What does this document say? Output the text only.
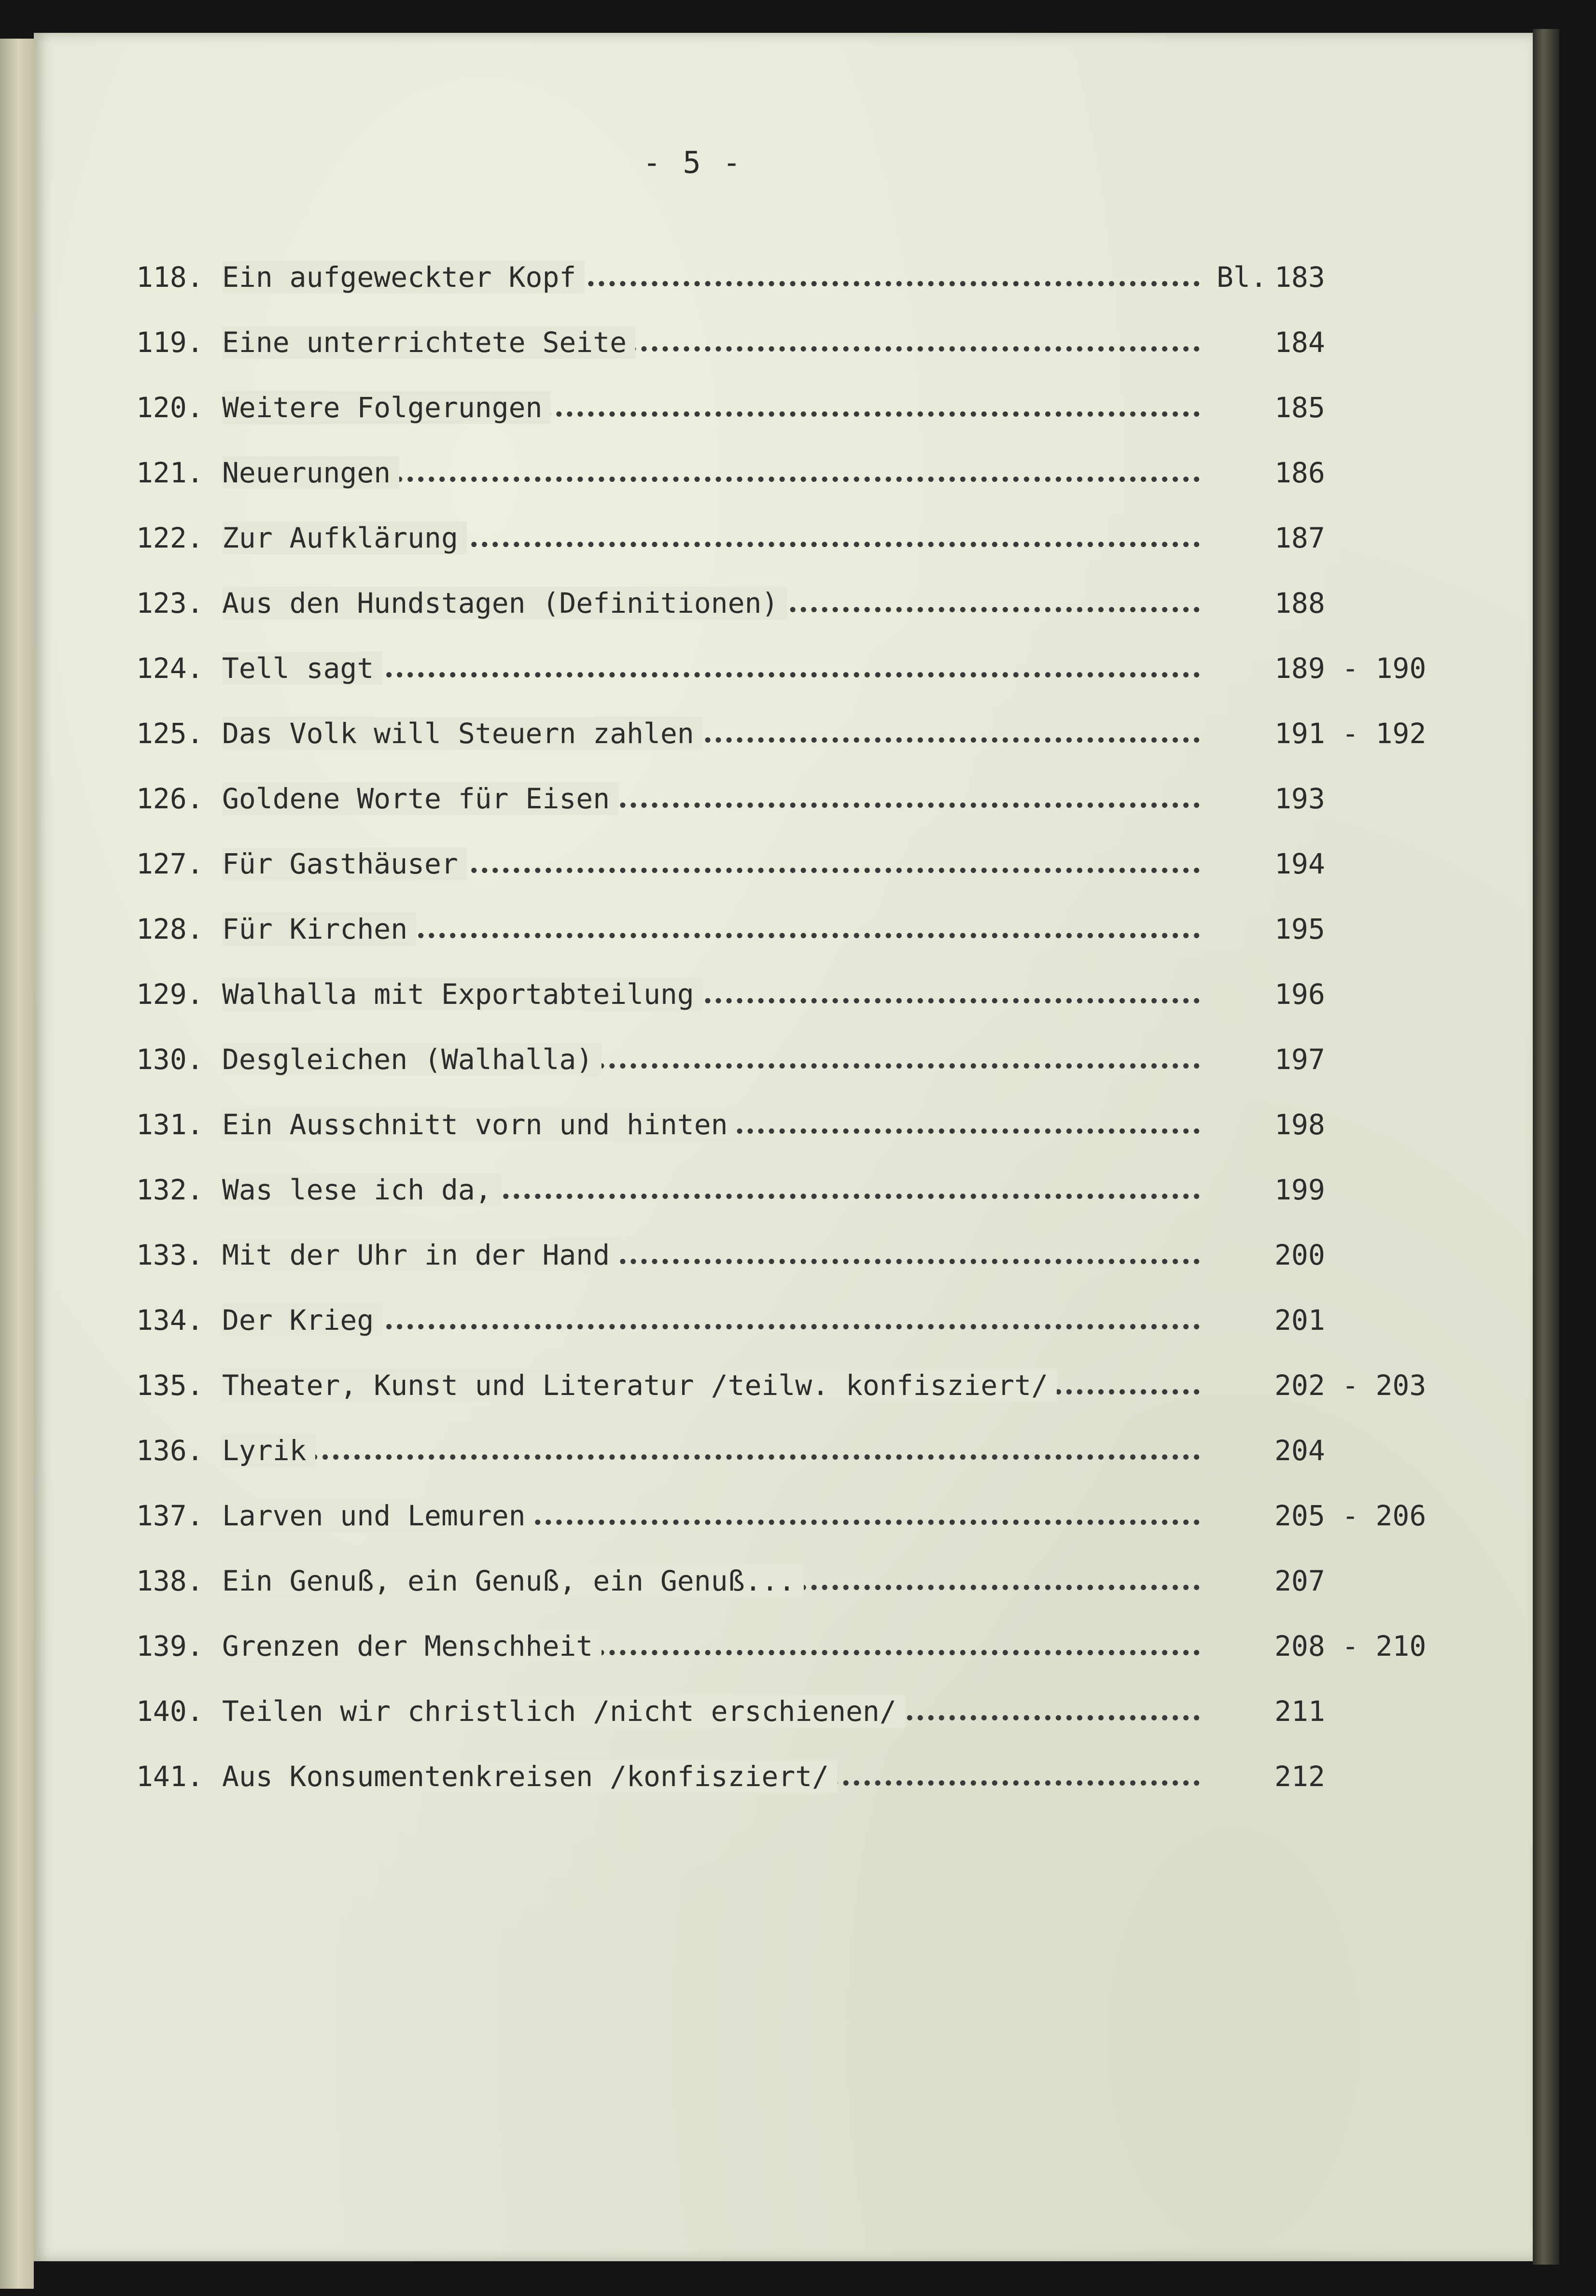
- 5 -
118. Ein aufgeweckter Kopf	Bl. 183
119. Eine unterrichtete Seite	184
120. Weitere Folgerungen	185
121. Neuerungen	186
122. Zur Aufklärung	187
123. Aus den Hundstagen (Definitionen)	188
124. Tell sagt	189 - 190
125. Das Volk will Steuern zahlen	191 - 192
126. Goldene Worte für Eisen	193
127. Für Gasthäuser	194
128. Für Kirchen	195
129. Walhalla mit Exportabteilung	196
130. Desgleichen (Walhalla)	197
131. Ein Ausschnitt vorn und hinten	198
132. Was lese ich da,	199
133. Mit der Uhr in der Hand	200
134. Der Krieg	201
135. Theater, Kunst und Literatur /teilw. konfisziert/	202 - 203
136. Lyrik	204
137. Larven und Lemuren	205 - 206
138. Ein Genuß, ein Genuß, ein Genuß...	207
139. Grenzen der Menschheit	208 - 210
140. Teilen wir christlich /nicht erschienen/	211
141. Aus Konsumentenkreisen /konfisziert/	212
